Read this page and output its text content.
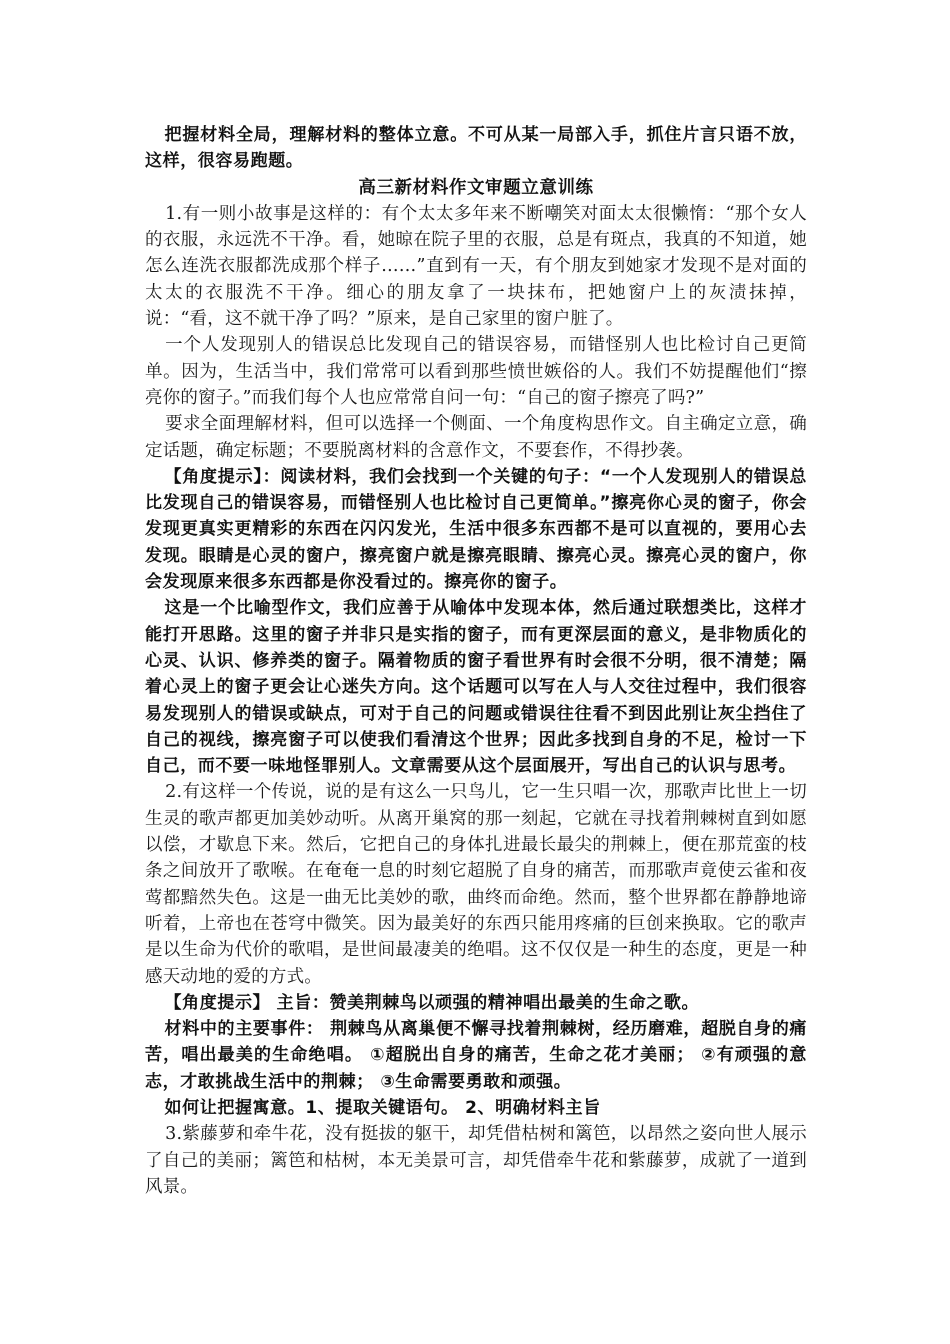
把握材料全局，理解材料的整体立意。不可从某一局部入手，抓住片言只语不放，这样，很容易跑题。

高三新材料作文审题立意训练

1.有一则小故事是这样的：有个太太多年来不断嘲笑对面太太很懒惰：“那个女人的衣服，永远洗不干净。看，她晾在院子里的衣服，总是有斑点，我真的不知道，她怎么连洗衣服都洗成那个样子……”直到有一天，有个朋友到她家才发现不是对面的太太的衣服洗不干净。细心的朋友拿了一块抹布，把她窗户上的灰渍抹掉，说：“看，这不就干净了吗？”原来，是自己家里的窗户脏了。

一个人发现别人的错误总比发现自己的错误容易，而错怪别人也比检讨自己更简单。因为，生活当中，我们常常可以看到那些愤世嫉俗的人。我们不妨提醒他们“擦亮你的窗子。”而我们每个人也应常常自问一句：“自己的窗子擦亮了吗?”

要求全面理解材料，但可以选择一个侧面、一个角度构思作文。自主确定立意，确定话题，确定标题；不要脱离材料的含意作文，不要套作，不得抄袭。

【角度提示】：阅读材料，我们会找到一个关键的句子：“一个人发现别人的错误总比发现自己的错误容易，而错怪别人也比检讨自己更简单。”擦亮你心灵的窗子，你会发现更真实更精彩的东西在闪闪发光，生活中很多东西都不是可以直视的，要用心去发现。眼睛是心灵的窗户，擦亮窗户就是擦亮眼睛、擦亮心灵。擦亮心灵的窗户，你会发现原来很多东西都是你没看过的。擦亮你的窗子。

这是一个比喻型作文，我们应善于从喻体中发现本体，然后通过联想类比，这样才能打开思路。这里的窗子并非只是实指的窗子，而有更深层面的意义，是非物质化的心灵、认识、修养类的窗子。隔着物质的窗子看世界有时会很不分明，很不清楚；隔着心灵上的窗子更会让心迷失方向。这个话题可以写在人与人交往过程中，我们很容易发现别人的错误或缺点，可对于自己的问题或错误往往看不到因此别让灰尘挡住了自己的视线，擦亮窗子可以使我们看清这个世界；因此多找到自身的不足，检讨一下自己，而不要一味地怪罪别人。文章需要从这个层面展开，写出自己的认识与思考。

2.有这样一个传说，说的是有这么一只鸟儿，它一生只唱一次，那歌声比世上一切生灵的歌声都更加美妙动听。从离开巢窝的那一刻起，它就在寻找着荆棘树直到如愿以偿，才歇息下来。然后，它把自己的身体扎进最长最尖的荆棘上，便在那荒蛮的枝条之间放开了歌喉。在奄奄一息的时刻它超脱了自身的痛苦，而那歌声竟使云雀和夜莺都黯然失色。这是一曲无比美妙的歌，曲终而命绝。然而，整个世界都在静静地谛听着，上帝也在苍穹中微笑。因为最美好的东西只能用疼痛的巨创来换取。它的歌声是以生命为代价的歌唱，是世间最凄美的绝唱。这不仅仅是一种生的态度，更是一种感天动地的爱的方式。

【角度提示】 主旨：赞美荆棘鸟以顽强的精神唱出最美的生命之歌。

材料中的主要事件： 荆棘鸟从离巢便不懈寻找着荆棘树，经历磨难，超脱自身的痛苦，唱出最美的生命绝唱。 ①超脱出自身的痛苦，生命之花才美丽； ②有顽强的意志，才敢挑战生活中的荆棘； ③生命需要勇敢和顽强。

如何让把握寓意。1、提取关键语句。 2、明确材料主旨

3.紫藤萝和牵牛花，没有挺拔的躯干，却凭借枯树和篱笆，以昂然之姿向世人展示了自己的美丽；篱笆和枯树，本无美景可言，却凭借牵牛花和紫藤萝，成就了一道到风景。
